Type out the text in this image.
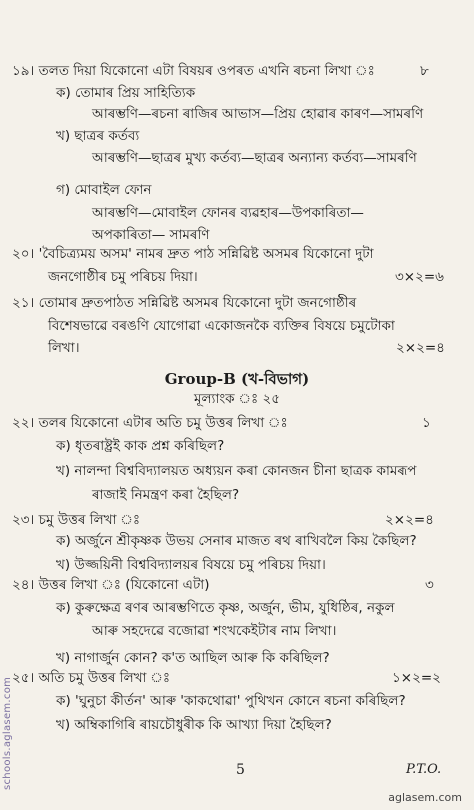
schools.aglasem.com
১৯। তলত দিয়া যিকোনো এটা বিষয়ৰ ওপৰত এখনি ৰচনা লিখা ঃ	৮
ক) তোমাৰ প্ৰিয় সাহিত্যিক
আৰম্ভণি—ৰচনা ৰাজিৰ আভাস—প্ৰিয় হোৱাৰ কাৰণ—সামৰণি
খ) ছাত্ৰৰ কৰ্তব্য
আৰম্ভণি—ছাত্ৰৰ মুখ্য কৰ্তব্য—ছাত্ৰৰ অন্যান্য কৰ্তব্য—সামৰণি
গ) মোবাইল ফোন
আৰম্ভণি—মোবাইল ফোনৰ ব্যৱহাৰ—উপকাৰিতা—
অপকাৰিতা— সামৰণি
২০। 'বৈচিত্ৰ্যময় অসম' নামৰ দ্ৰুত পাঠ সন্নিৱিষ্ট অসমৰ যিকোনো দুটা
জনগোষ্ঠীৰ চমু পৰিচয় দিয়া।	৩×২=৬
২১। তোমাৰ দ্ৰুতপাঠত সন্নিৱিষ্ট অসমৰ যিকোনো দুটা জনগোষ্ঠীৰ
বিশেষভাৱে বৰঙণি যোগোৱা একোজনকৈ ব্যক্তিৰ বিষয়ে চমুটোকা
লিখা।	২×২=৪
২২। তলৰ যিকোনো এটাৰ অতি চমু উত্তৰ লিখা ঃ	১
ক) ধৃতৰাষ্ট্ৰই কাক প্ৰশ্ন কৰিছিল?
খ) নালন্দা বিশ্ববিদ্যালয়ত অধ্যয়ন কৰা কোনজন চীনা ছাত্ৰক কামৰূপ
ৰাজাই নিমন্ত্ৰণ কৰা হৈছিল?
২৩। চমু উত্তৰ লিখা ঃ	২×২=৪
ক) অৰ্জুনে শ্ৰীকৃষ্ণক উভয় সেনাৰ মাজত ৰথ ৰাখিবলৈ কিয় কৈছিল?
খ) উজ্জয়িনী বিশ্ববিদ্যালয়ৰ বিষয়ে চমু পৰিচয় দিয়া।
২৪। উত্তৰ লিখা ঃ (যিকোনো এটা)	৩
ক) কুৰুক্ষেত্ৰ ৰণৰ আৰম্ভণিতে কৃষ্ণ, অৰ্জুন, ভীম, যুধিষ্ঠিৰ, নকুল
আৰু সহদেৱে বজোৱা শংখকেইটাৰ নাম লিখা।
খ) নাগাৰ্জুন কোন? ক'ত আছিল আৰু কি কৰিছিল?
২৫। অতি চমু উত্তৰ লিখা ঃ	১×২=২
ক) 'ঘুনুচা কীৰ্তন' আৰু 'কাকথোৱা' পুথিখন কোনে ৰচনা কৰিছিল?
খ) অম্বিকাগিৰি ৰায়চৌধুৰীক কি আখ্যা দিয়া হৈছিল?
Group-B (খ-বিভাগ)
মূল্যাংক ঃ ২৫
5	P.T.O.
aglasem.com
